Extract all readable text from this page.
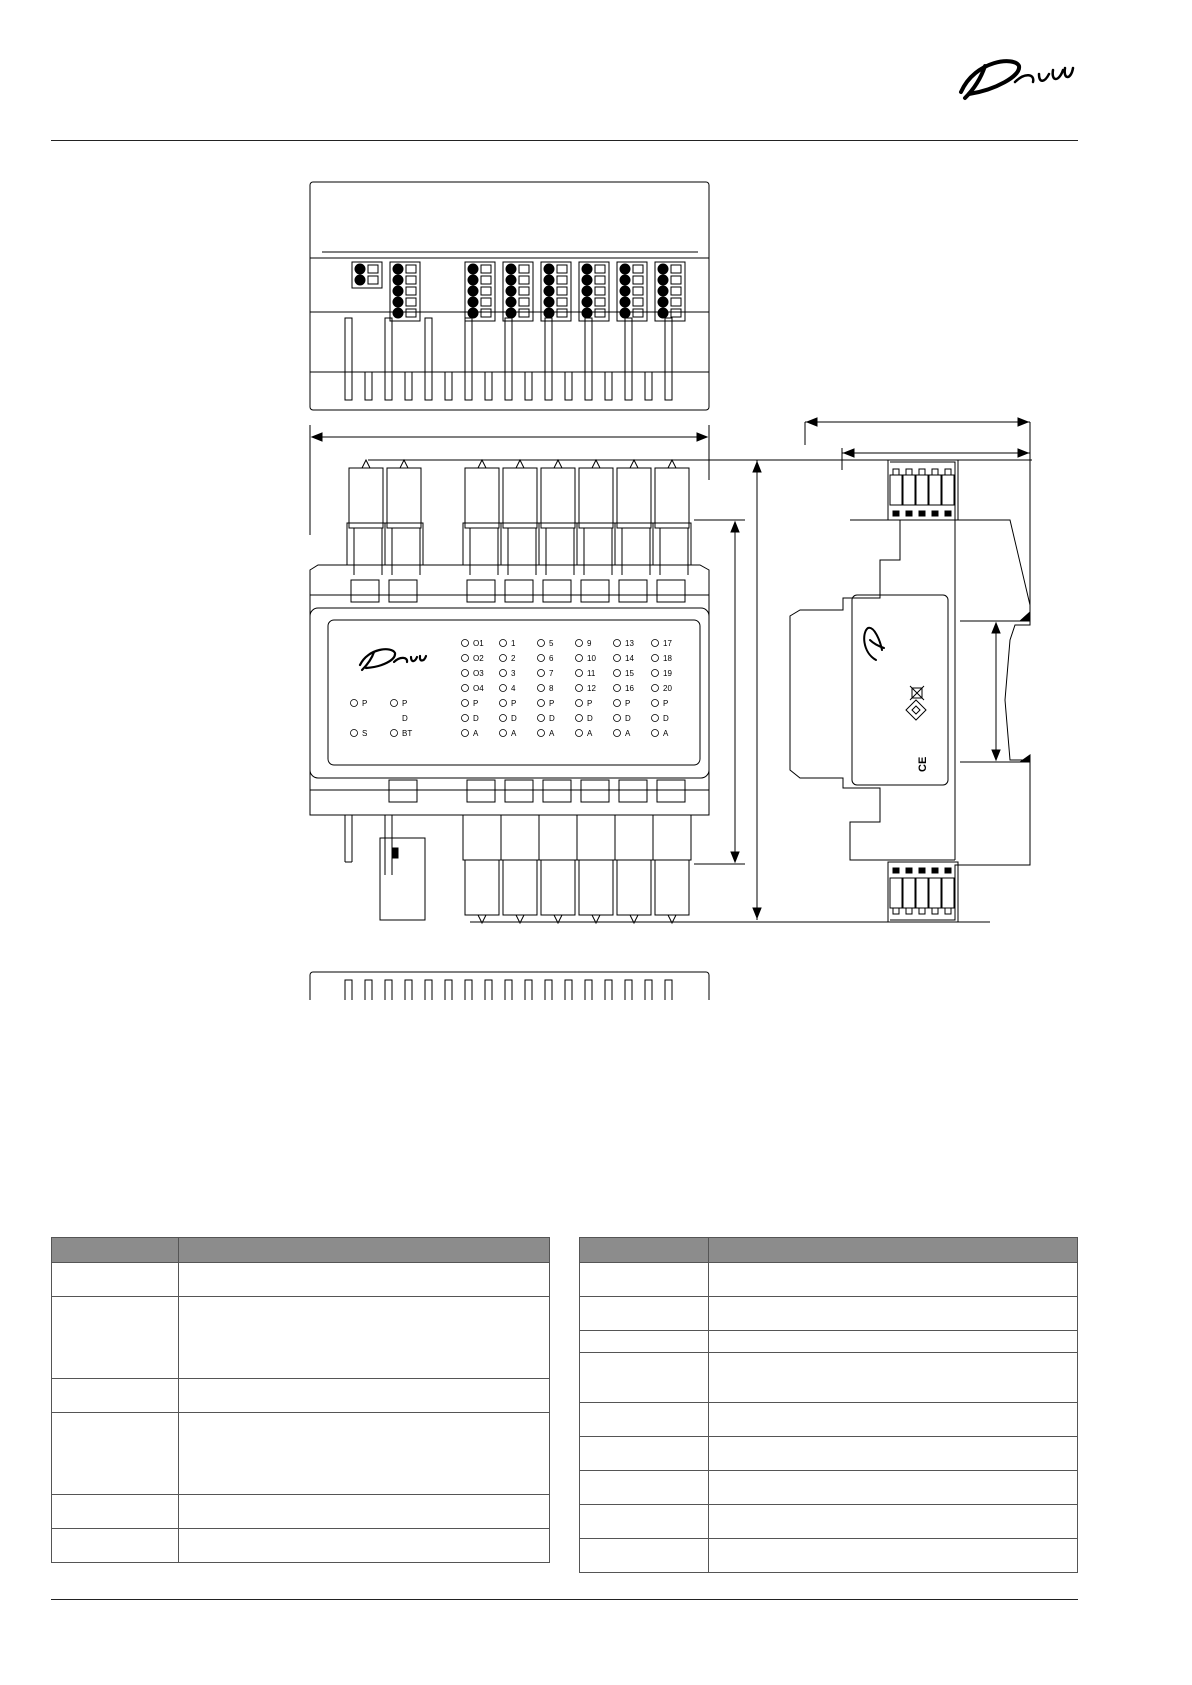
O1
O2
O3
O4
P
D
A
1
2
3
4
P
D
A
5
6
7
8
P
D
A
9
10
11
12
P
D
A
13
14
15
16
P
D
A
17
18
19
20
P
D
A
P	P
D
S	BT
CE
